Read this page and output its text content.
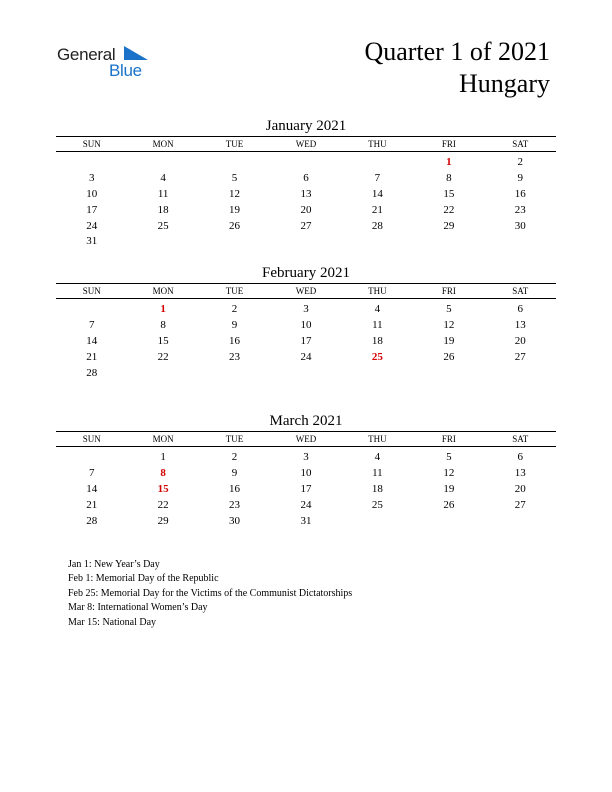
General
Blue
Quarter 1 of 2021
Hungary
January 2021
SUN	MON	TUE	WED	THU	FRI	SAT

					1	2
3	4	5	6	7	8	9
10	11	12	13	14	15	16
17	18	19	20	21	22	23
24	25	26	27	28	29	30
31						
February 2021
SUN	MON	TUE	WED	THU	FRI	SAT

	1	2	3	4	5	6
7	8	9	10	11	12	13
14	15	16	17	18	19	20
21	22	23	24	25	26	27
28						
March 2021
SUN	MON	TUE	WED	THU	FRI	SAT

	1	2	3	4	5	6
7	8	9	10	11	12	13
14	15	16	17	18	19	20
21	22	23	24	25	26	27
28	29	30	31			
Jan 1: New Year’s Day
Feb 1: Memorial Day of the Republic
Feb 25: Memorial Day for the Victims of the Communist Dictatorships
Mar 8: International Women’s Day
Mar 15: National Day
